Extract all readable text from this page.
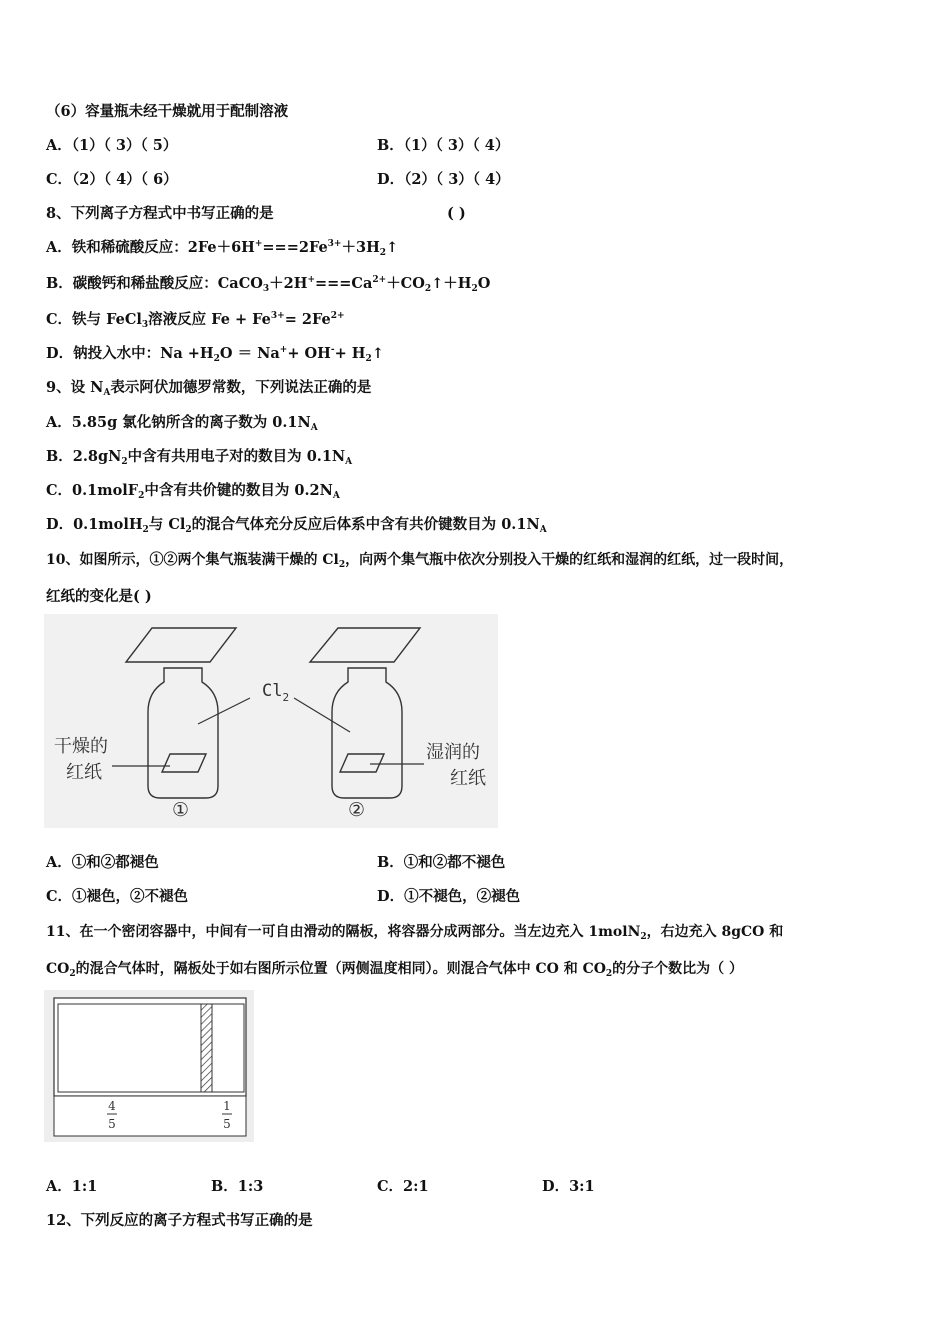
（6）容量瓶未经干燥就用于配制溶液
A．（1）（ 3）（ 5）	B．（1）（ 3）（ 4）
C．（2）（ 4）（ 6）	D．（2）（ 3）（ 4）
8、下列离子方程式中书写正确的是	( )
A．铁和稀硫酸反应：$2Fe+6H^+===2Fe^{3+}+3H_2↑$
B．碳酸钙和稀盐酸反应：$CaCO_3+2H^+===Ca^{2+}+CO_2↑+H_2O$
C．铁与 FeCl$_3$溶液反应 $Fe + Fe^{3+}= 2Fe^{2+}$
D．钠投入水中：$Na +H_2O = Na^++ OH^-+$ $H_2↑$
9、设 $N_A$表示阿伏加德罗常数，下列说法正确的是
A．5.85g 氯化钠所含的离子数为 $0.1N_A$
B．$2.8gN_2$中含有共用电子对的数目为 $0.1N_A$
C．0.1molF$_2$中含有共价键的数目为 $0.2N_A$
D．0.1molH$_2$与 $Cl_2$的混合气体充分反应后体系中含有共价键数目为 $0.1N_A$
10、如图所示，①②两个集气瓶装满干燥的 $Cl_2$，向两个集气瓶中依次分别投入干燥的红纸和湿润的红纸，过一段时间，
红纸的变化是( )
$Cl_2$
干燥的
红纸
湿润的
红纸
①	②
A．①和②都褪色	B．①和②都不褪色
C．①褪色，②不褪色	D．①不褪色，②褪色
11、在一个密闭容器中，中间有一可自由滑动的隔板，将容器分成两部分。当左边充入 1molN$_2$，右边充入 8gCO 和
$CO_2$的混合气体时，隔板处于如右图所示位置（两侧温度相同）。则混合气体中 CO 和 $CO_2$的分子个数比为（ ）
4
5
1
5
A．1:1	B．1:3	C．2:1	D．3:1
12、下列反应的离子方程式书写正确的是
